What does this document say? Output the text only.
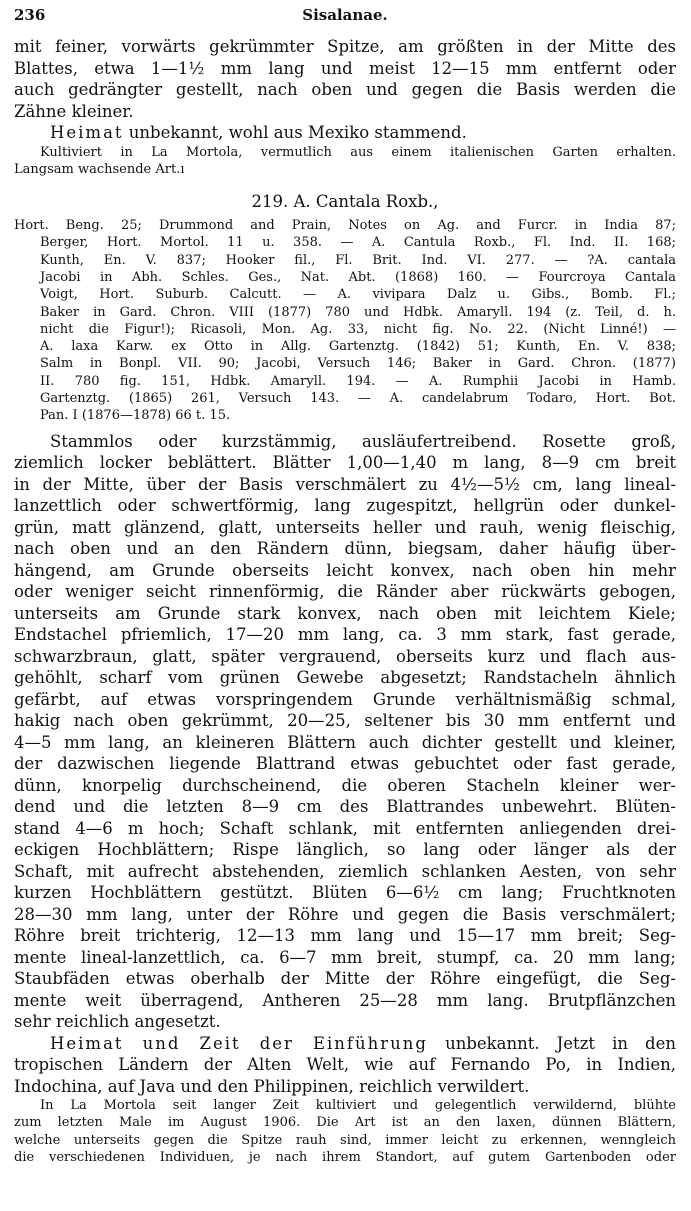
236	Sisalanae.
mit feiner, vorwärts gekrümmter Spitze, am größten in der Mitte des
Blattes, etwa 1—1½ mm lang und meist 12—15 mm entfernt oder
auch gedrängter gestellt, nach oben und gegen die Basis werden die
Zähne kleiner.
Heimat unbekannt, wohl aus Mexiko stammend.
Kultiviert in La Mortola, vermutlich aus einem italienischen Garten erhalten.
Langsam wachsende Art.ı
219. A. Cantala Roxb.,
Hort. Beng. 25; Drummond and Prain, Notes on Ag. and Furcr. in India 87;
Berger, Hort. Mortol. 11 u. 358. — A. Cantula Roxb., Fl. Ind. II. 168;
Kunth, En. V. 837; Hooker fil., Fl. Brit. Ind. VI. 277. — ?A. cantala
Jacobi in Abh. Schles. Ges., Nat. Abt. (1868) 160. — Fourcroya Cantala
Voigt, Hort. Suburb. Calcutt. — A. vivipara Dalz u. Gibs., Bomb. Fl.;
Baker in Gard. Chron. VIII (1877) 780 und Hdbk. Amaryll. 194 (z. Teil, d. h.
nicht die Figur!); Ricasoli, Mon. Ag. 33, nicht fig. No. 22. (Nicht Linné!) —
A. laxa Karw. ex Otto in Allg. Gartenztg. (1842) 51; Kunth, En. V. 838;
Salm in Bonpl. VII. 90; Jacobi, Versuch 146; Baker in Gard. Chron. (1877)
II. 780 fig. 151, Hdbk. Amaryll. 194. — A. Rumphii Jacobi in Hamb.
Gartenztg. (1865) 261, Versuch 143. — A. candelabrum Todaro, Hort. Bot.
Pan. I (1876—1878) 66 t. 15.
Stammlos oder kurzstämmig, ausläufertreibend. Rosette groß,
ziemlich locker beblättert. Blätter 1,00—1,40 m lang, 8—9 cm breit
in der Mitte, über der Basis verschmälert zu 4½—5½ cm, lang lineal-
lanzettlich oder schwertförmig, lang zugespitzt, hellgrün oder dunkel-
grün, matt glänzend, glatt, unterseits heller und rauh, wenig fleischig,
nach oben und an den Rändern dünn, biegsam, daher häufig über-
hängend, am Grunde oberseits leicht konvex, nach oben hin mehr
oder weniger seicht rinnenförmig, die Ränder aber rückwärts gebogen,
unterseits am Grunde stark konvex, nach oben mit leichtem Kiele;
Endstachel pfriemlich, 17—20 mm lang, ca. 3 mm stark, fast gerade,
schwarzbraun, glatt, später vergrauend, oberseits kurz und flach aus-
gehöhlt, scharf vom grünen Gewebe abgesetzt; Randstacheln ähnlich
gefärbt, auf etwas vorspringendem Grunde verhältnismäßig schmal,
hakig nach oben gekrümmt, 20—25, seltener bis 30 mm entfernt und
4—5 mm lang, an kleineren Blättern auch dichter gestellt und kleiner,
der dazwischen liegende Blattrand etwas gebuchtet oder fast gerade,
dünn, knorpelig durchscheinend, die oberen Stacheln kleiner wer-
dend und die letzten 8—9 cm des Blattrandes unbewehrt. Blüten-
stand 4—6 m hoch; Schaft schlank, mit entfernten anliegenden drei-
eckigen Hochblättern; Rispe länglich, so lang oder länger als der
Schaft, mit aufrecht abstehenden, ziemlich schlanken Aesten, von sehr
kurzen Hochblättern gestützt. Blüten 6—6½ cm lang; Fruchtknoten
28—30 mm lang, unter der Röhre und gegen die Basis verschmälert;
Röhre breit trichterig, 12—13 mm lang und 15—17 mm breit; Seg-
mente lineal-lanzettlich, ca. 6—7 mm breit, stumpf, ca. 20 mm lang;
Staubfäden etwas oberhalb der Mitte der Röhre eingefügt, die Seg-
mente weit überragend, Antheren 25—28 mm lang. Brutpflänzchen
sehr reichlich angesetzt.
Heimat und Zeit der Einführung unbekannt. Jetzt in den
tropischen Ländern der Alten Welt, wie auf Fernando Po, in Indien,
Indochina, auf Java und den Philippinen, reichlich verwildert.
In La Mortola seit langer Zeit kultiviert und gelegentlich verwildernd, blühte
zum letzten Male im August 1906. Die Art ist an den laxen, dünnen Blättern,
welche unterseits gegen die Spitze rauh sind, immer leicht zu erkennen, wenngleich
die verschiedenen Individuen, je nach ihrem Standort, auf gutem Gartenboden oder
